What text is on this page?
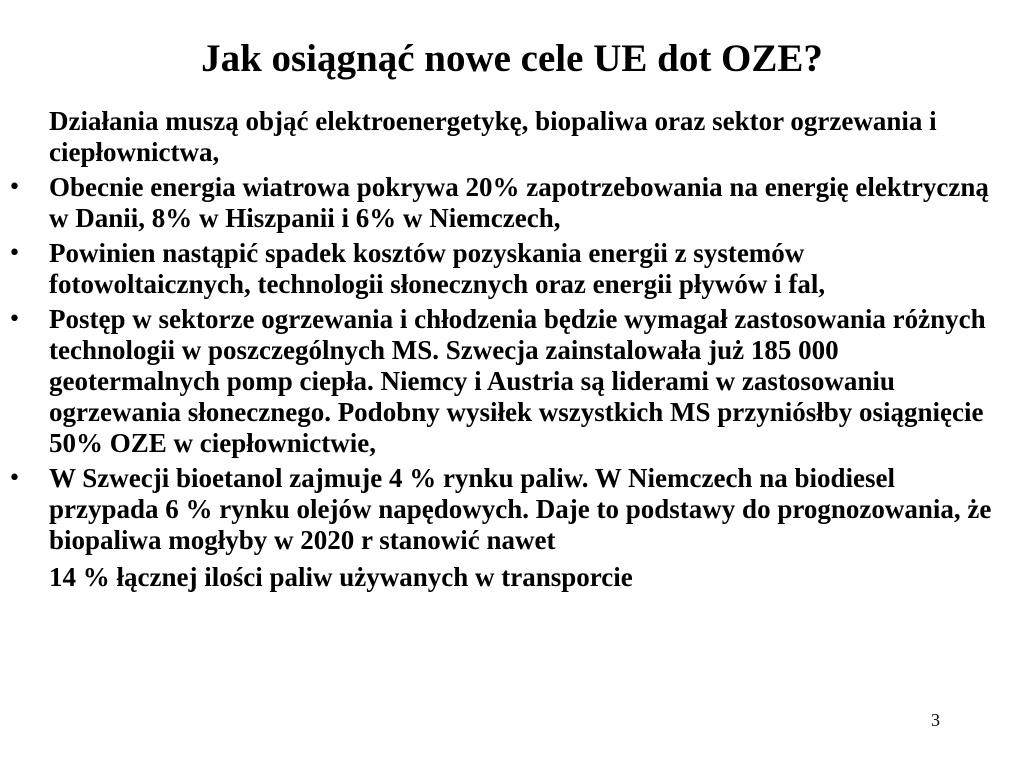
Jak osiągnąć nowe cele UE dot OZE?

Działania muszą objąć elektroenergetykę, biopaliwa oraz sektor ogrzewania i ciepłownictwa,

• Obecnie energia wiatrowa pokrywa 20% zapotrzebowania na energię elektryczną w Danii, 8% w Hiszpanii i 6% w Niemczech,
• Powinien nastąpić spadek kosztów pozyskania energii z systemów fotowoltaicznych, technologii słonecznych oraz energii pływów i fal,
• Postęp w sektorze ogrzewania i chłodzenia będzie wymagał zastosowania różnych technologii w poszczególnych MS. Szwecja zainstalowała już 185 000 geotermalnych pomp ciepła. Niemcy i Austria są liderami w zastosowaniu ogrzewania słonecznego. Podobny wysiłek wszystkich MS przyniósłby osiągnięcie 50% OZE w ciepłownictwie,
• W Szwecji bioetanol zajmuje 4 % rynku paliw. W Niemczech na biodiesel przypada 6 % rynku olejów napędowych. Daje to podstawy do prognozowania, że biopaliwa mogłyby w 2020 r stanowić nawet

14 % łącznej ilości paliw używanych w transporcie

3
